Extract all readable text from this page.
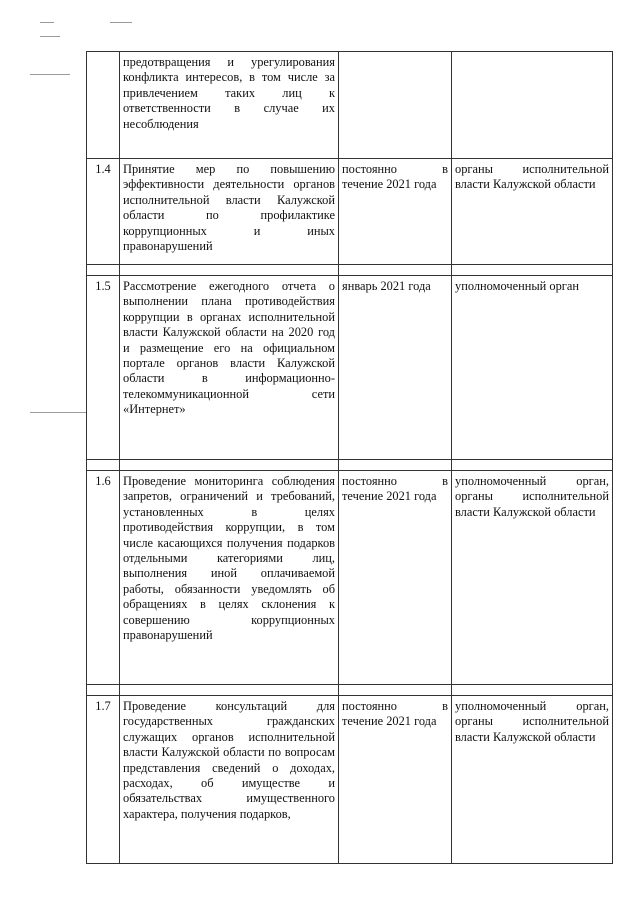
	предотвращения и урегулирования конфликта интересов, в том числе за привлечением таких лиц к ответственности в случае их несоблюдения		
1.4	Принятие мер по повышению эффективности деятельности органов исполнительной власти Калужской области по профилактике коррупционных и иных правонарушений	постоянно в течение 2021 года	органы исполнительной власти Калужской области

1.5	Рассмотрение ежегодного отчета о выполнении плана противодействия коррупции в органах исполнительной власти Калужской области на 2020 год и размещение его на официальном портале органов власти Калужской области в информационно-телекоммуникационной сети «Интернет»	январь 2021 года	уполномоченный орган

1.6	Проведение мониторинга соблюдения запретов, ограничений и требований, установленных в целях противодействия коррупции, в том числе касающихся получения подарков отдельными категориями лиц, выполнения иной оплачиваемой работы, обязанности уведомлять об обращениях в целях склонения к совершению коррупционных правонарушений	постоянно в течение 2021 года	уполномоченный орган, органы исполнительной власти Калужской области

1.7	Проведение консультаций для государственных гражданских служащих органов исполнительной власти Калужской области по вопросам представления сведений о доходах, расходах, об имуществе и обязательствах имущественного характера, получения подарков,	постоянно в течение 2021 года	уполномоченный орган, органы исполнительной власти Калужской области
